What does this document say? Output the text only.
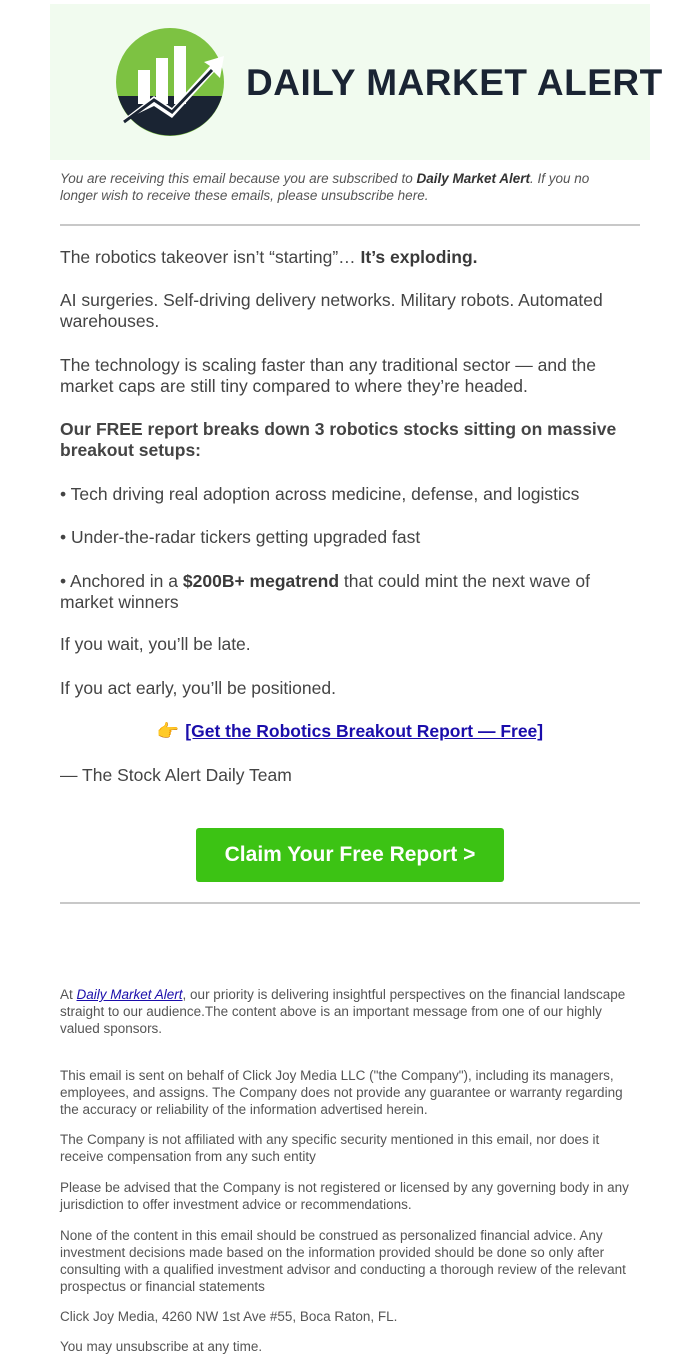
DAILY MARKET ALERT
You are receiving this email because you are subscribed to Daily Market Alert. If you no longer wish to receive these emails, please unsubscribe here.
The robotics takeover isn’t “starting”… It’s exploding.
AI surgeries. Self-driving delivery networks. Military robots. Automated warehouses.
The technology is scaling faster than any traditional sector — and the market caps are still tiny compared to where they’re headed.
Our FREE report breaks down 3 robotics stocks sitting on massive breakout setups:
• Tech driving real adoption across medicine, defense, and logistics
• Under-the-radar tickers getting upgraded fast
• Anchored in a $200B+ megatrend that could mint the next wave of market winners
If you wait, you’ll be late.
If you act early, you’ll be positioned.
👉 [Get the Robotics Breakout Report — Free]
— The Stock Alert Daily Team
Claim Your Free Report >
At Daily Market Alert, our priority is delivering insightful perspectives on the financial landscape straight to our audience.The content above is an important message from one of our highly valued sponsors.
This email is sent on behalf of Click Joy Media LLC ("the Company"), including its managers, employees, and assigns. The Company does not provide any guarantee or warranty regarding the accuracy or reliability of the information advertised herein.
The Company is not affiliated with any specific security mentioned in this email, nor does it receive compensation from any such entity
Please be advised that the Company is not registered or licensed by any governing body in any jurisdiction to offer investment advice or recommendations.
None of the content in this email should be construed as personalized financial advice. Any investment decisions made based on the information provided should be done so only after consulting with a qualified investment advisor and conducting a thorough review of the relevant prospectus or financial statements
Click Joy Media, 4260 NW 1st Ave #55, Boca Raton, FL.
You may unsubscribe at any time.
